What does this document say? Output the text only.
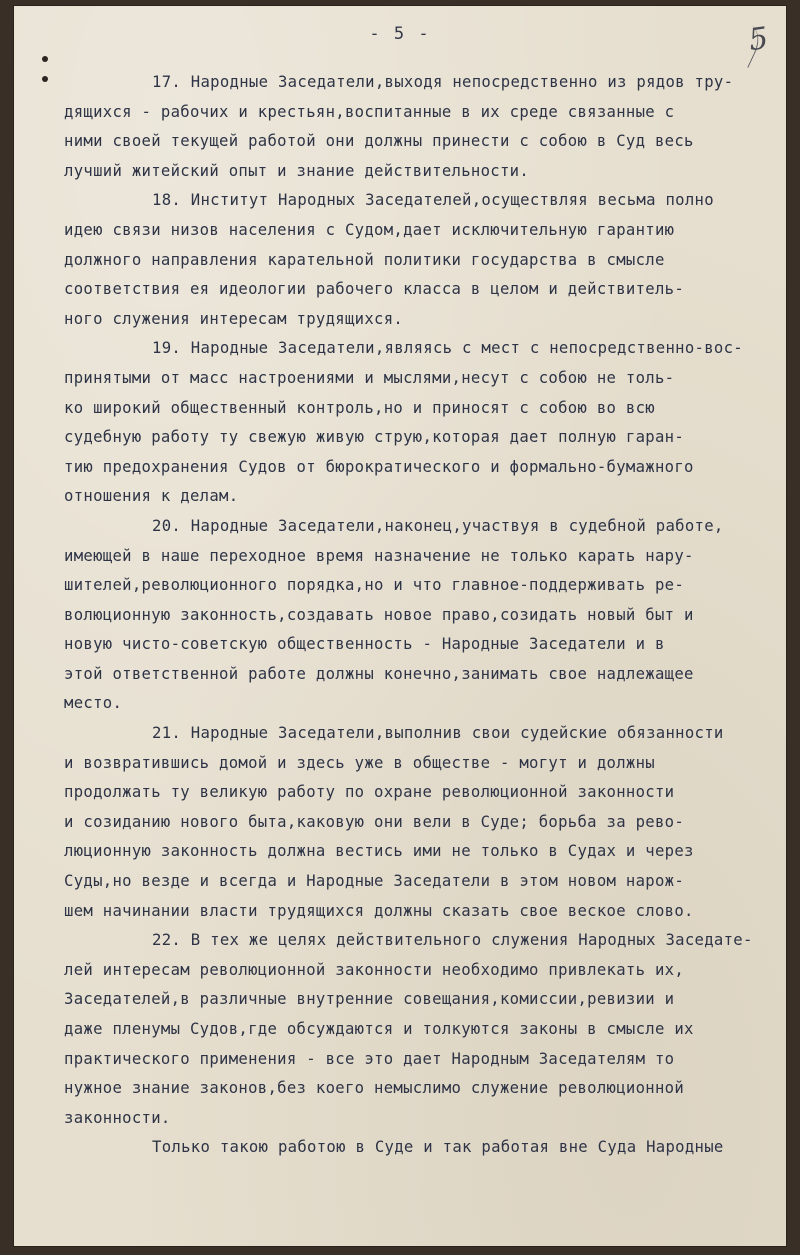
- 5 -	5
17. Народные Заседатели,выходя непосредственно из рядов тру-
дящихся - рабочих и крестьян,воспитанные в их среде связанные с
ними своей текущей работой они должны принести с собою в Суд весь
лучший житейский опыт и знание действительности.
18. Институт Народных Заседателей,осуществляя весьма полно
идею связи низов населения с Судом,дает исключительную гарантию
должного направления карательной политики государства в смысле
соответствия ея идеологии рабочего класса в целом и действитель-
ного служения интересам трудящихся.
19. Народные Заседатели,являясь с мест с непосредственно-вос-
принятыми от масс настроениями и мыслями,несут с собою не толь-
ко широкий общественный контроль,но и приносят с собою во всю
судебную работу ту свежую живую струю,которая дает полную гаран-
тию предохранения Судов от бюрократического и формально-бумажного
отношения к делам.
20. Народные Заседатели,наконец,участвуя в судебной работе,
имеющей в наше переходное время назначение не только карать нару-
шителей,революционного порядка,но и что главное-поддерживать ре-
волюционную законность,создавать новое право,созидать новый быт и
новую чисто-советскую общественность - Народные Заседатели и в
этой ответственной работе должны конечно,занимать свое надлежащее
место.
21. Народные Заседатели,выполнив свои судейские обязанности
и возвратившись домой и здесь уже в обществе - могут и должны
продолжать ту великую работу по охране революционной законности
и созиданию нового быта,каковую они вели в Суде; борьба за рево-
люционную законность должна вестись ими не только в Судах и через
Суды,но везде и всегда и Народные Заседатели в этом новом нарож-
шем начинании власти трудящихся должны сказать свое веское слово.
22. В тех же целях действительного служения Народных Заседате-
лей интересам революционной законности необходимо привлекать их,
Заседателей,в различные внутренние совещания,комиссии,ревизии и
даже пленумы Судов,где обсуждаются и толкуются законы в смысле их
практического применения - все это дает Народным Заседателям то
нужное знание законов,без коего немыслимо служение революционной
законности.
Только такою работою в Суде и так работая вне Суда Народные
